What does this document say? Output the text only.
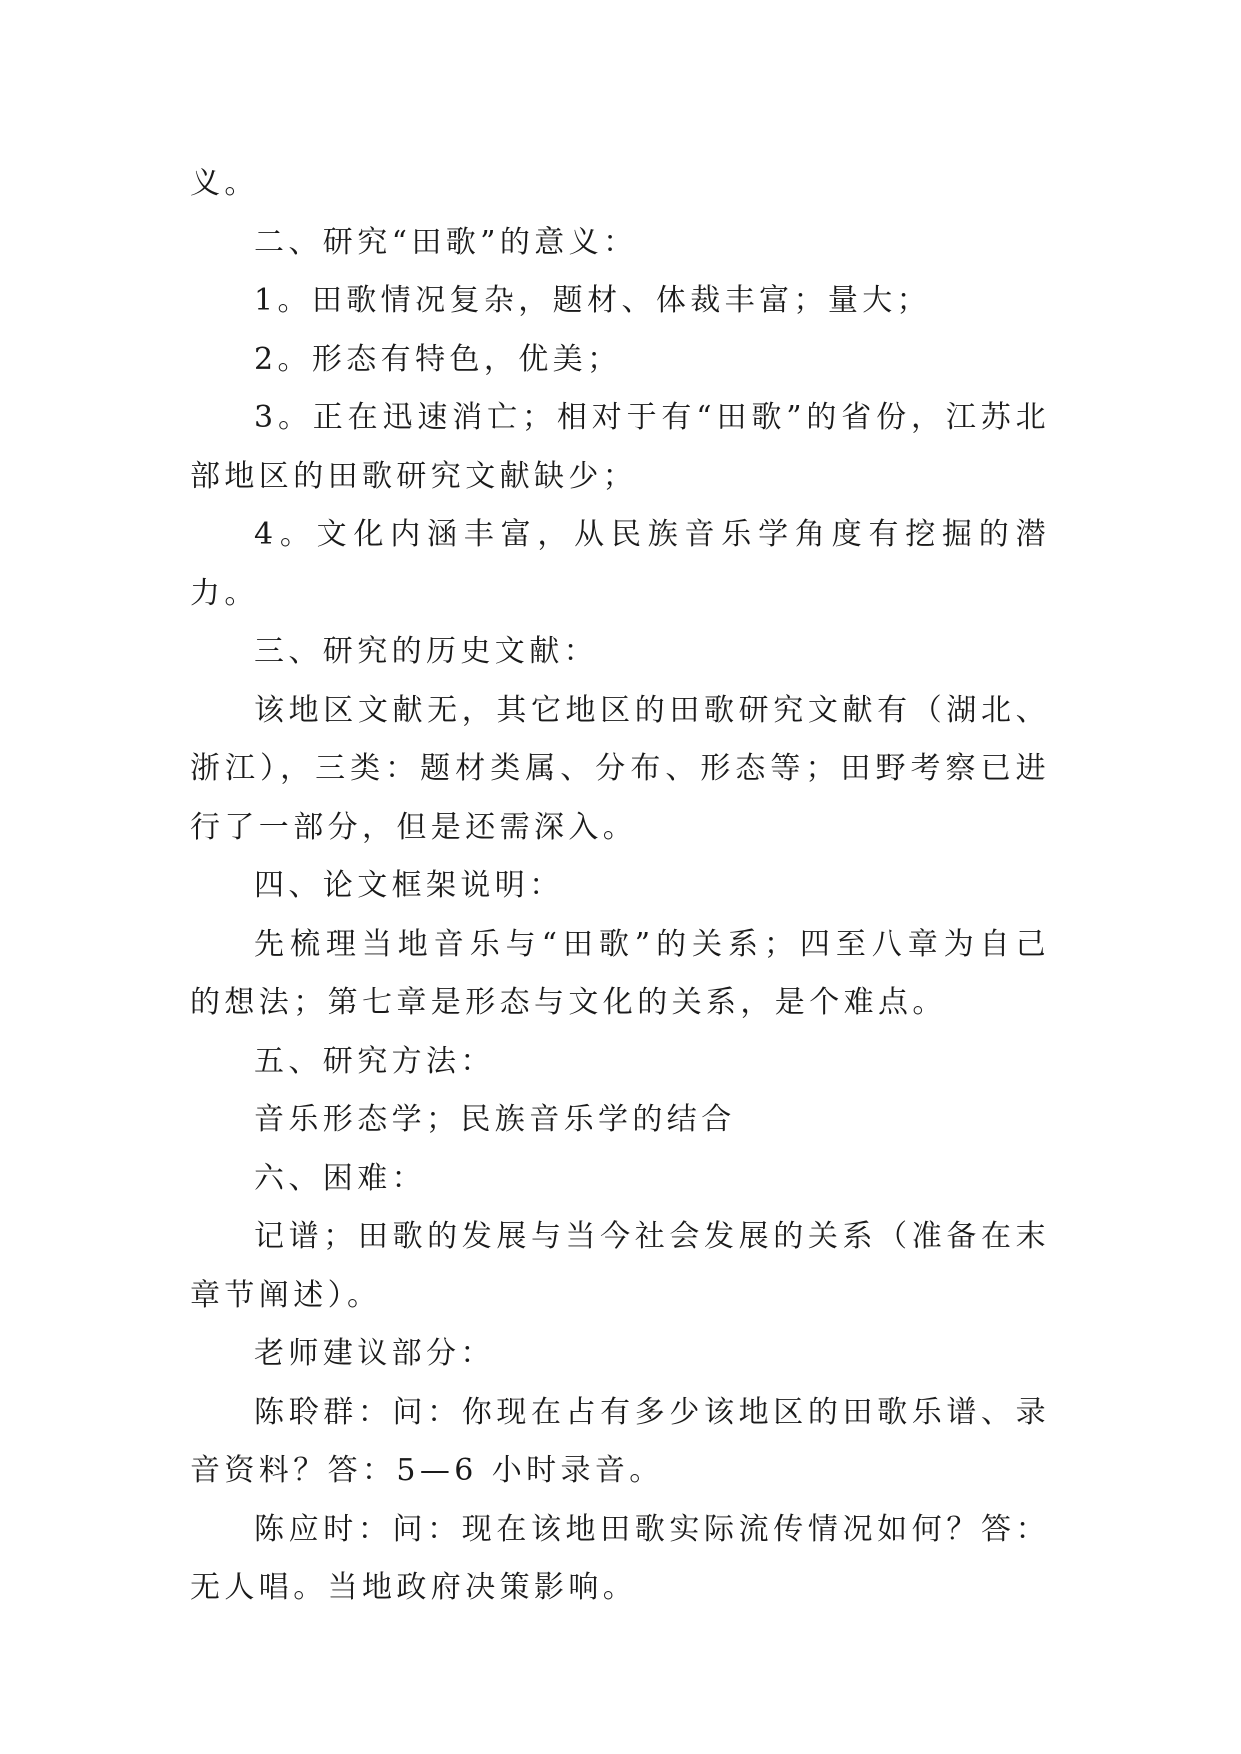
义。

二、研究“田歌”的意义：

1。田歌情况复杂，题材、体裁丰富；量大；

2。形态有特色，优美；

3。正在迅速消亡；相对于有“田歌”的省份，江苏北部地区的田歌研究文献缺少；

4。文化内涵丰富，从民族音乐学角度有挖掘的潜力。

三、研究的历史文献：

该地区文献无，其它地区的田歌研究文献有（湖北、浙江），三类：题材类属、分布、形态等；田野考察已进行了一部分，但是还需深入。

四、论文框架说明：

先梳理当地音乐与“田歌”的关系；四至八章为自己的想法；第七章是形态与文化的关系，是个难点。

五、研究方法：

音乐形态学；民族音乐学的结合

六、困难：

记谱；田歌的发展与当今社会发展的关系（准备在末章节阐述）。

老师建议部分：

陈聆群：问：你现在占有多少该地区的田歌乐谱、录音资料？答：5—6 小时录音。

陈应时：问：现在该地田歌实际流传情况如何？答：无人唱。当地政府决策影响。
